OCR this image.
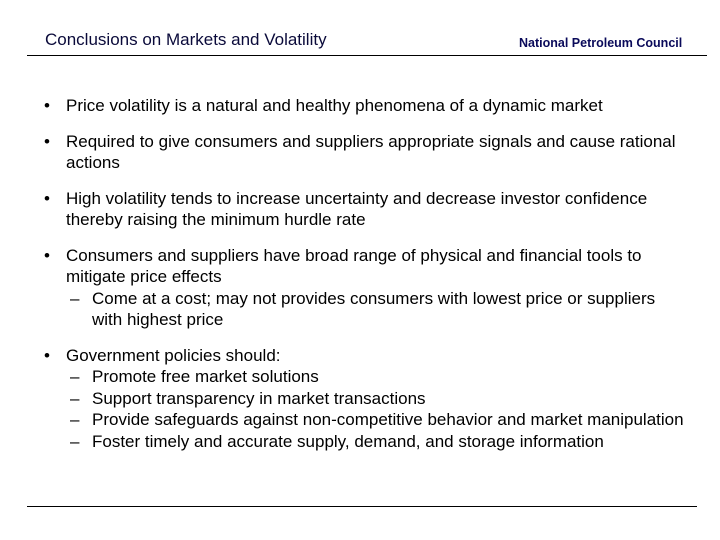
Conclusions on Markets and Volatility	National Petroleum Council
• Price volatility is a natural and healthy phenomena of a dynamic market
• Required to give consumers and suppliers appropriate signals and cause rational actions
• High volatility tends to increase uncertainty and decrease investor confidence thereby raising the minimum hurdle rate
• Consumers and suppliers have broad range of physical and financial tools to mitigate price effects
– Come at a cost; may not provides consumers with lowest price or suppliers with highest price
• Government policies should:
– Promote free market solutions
– Support transparency in market transactions
– Provide safeguards against non-competitive behavior and market manipulation
– Foster timely and accurate supply, demand, and storage information
